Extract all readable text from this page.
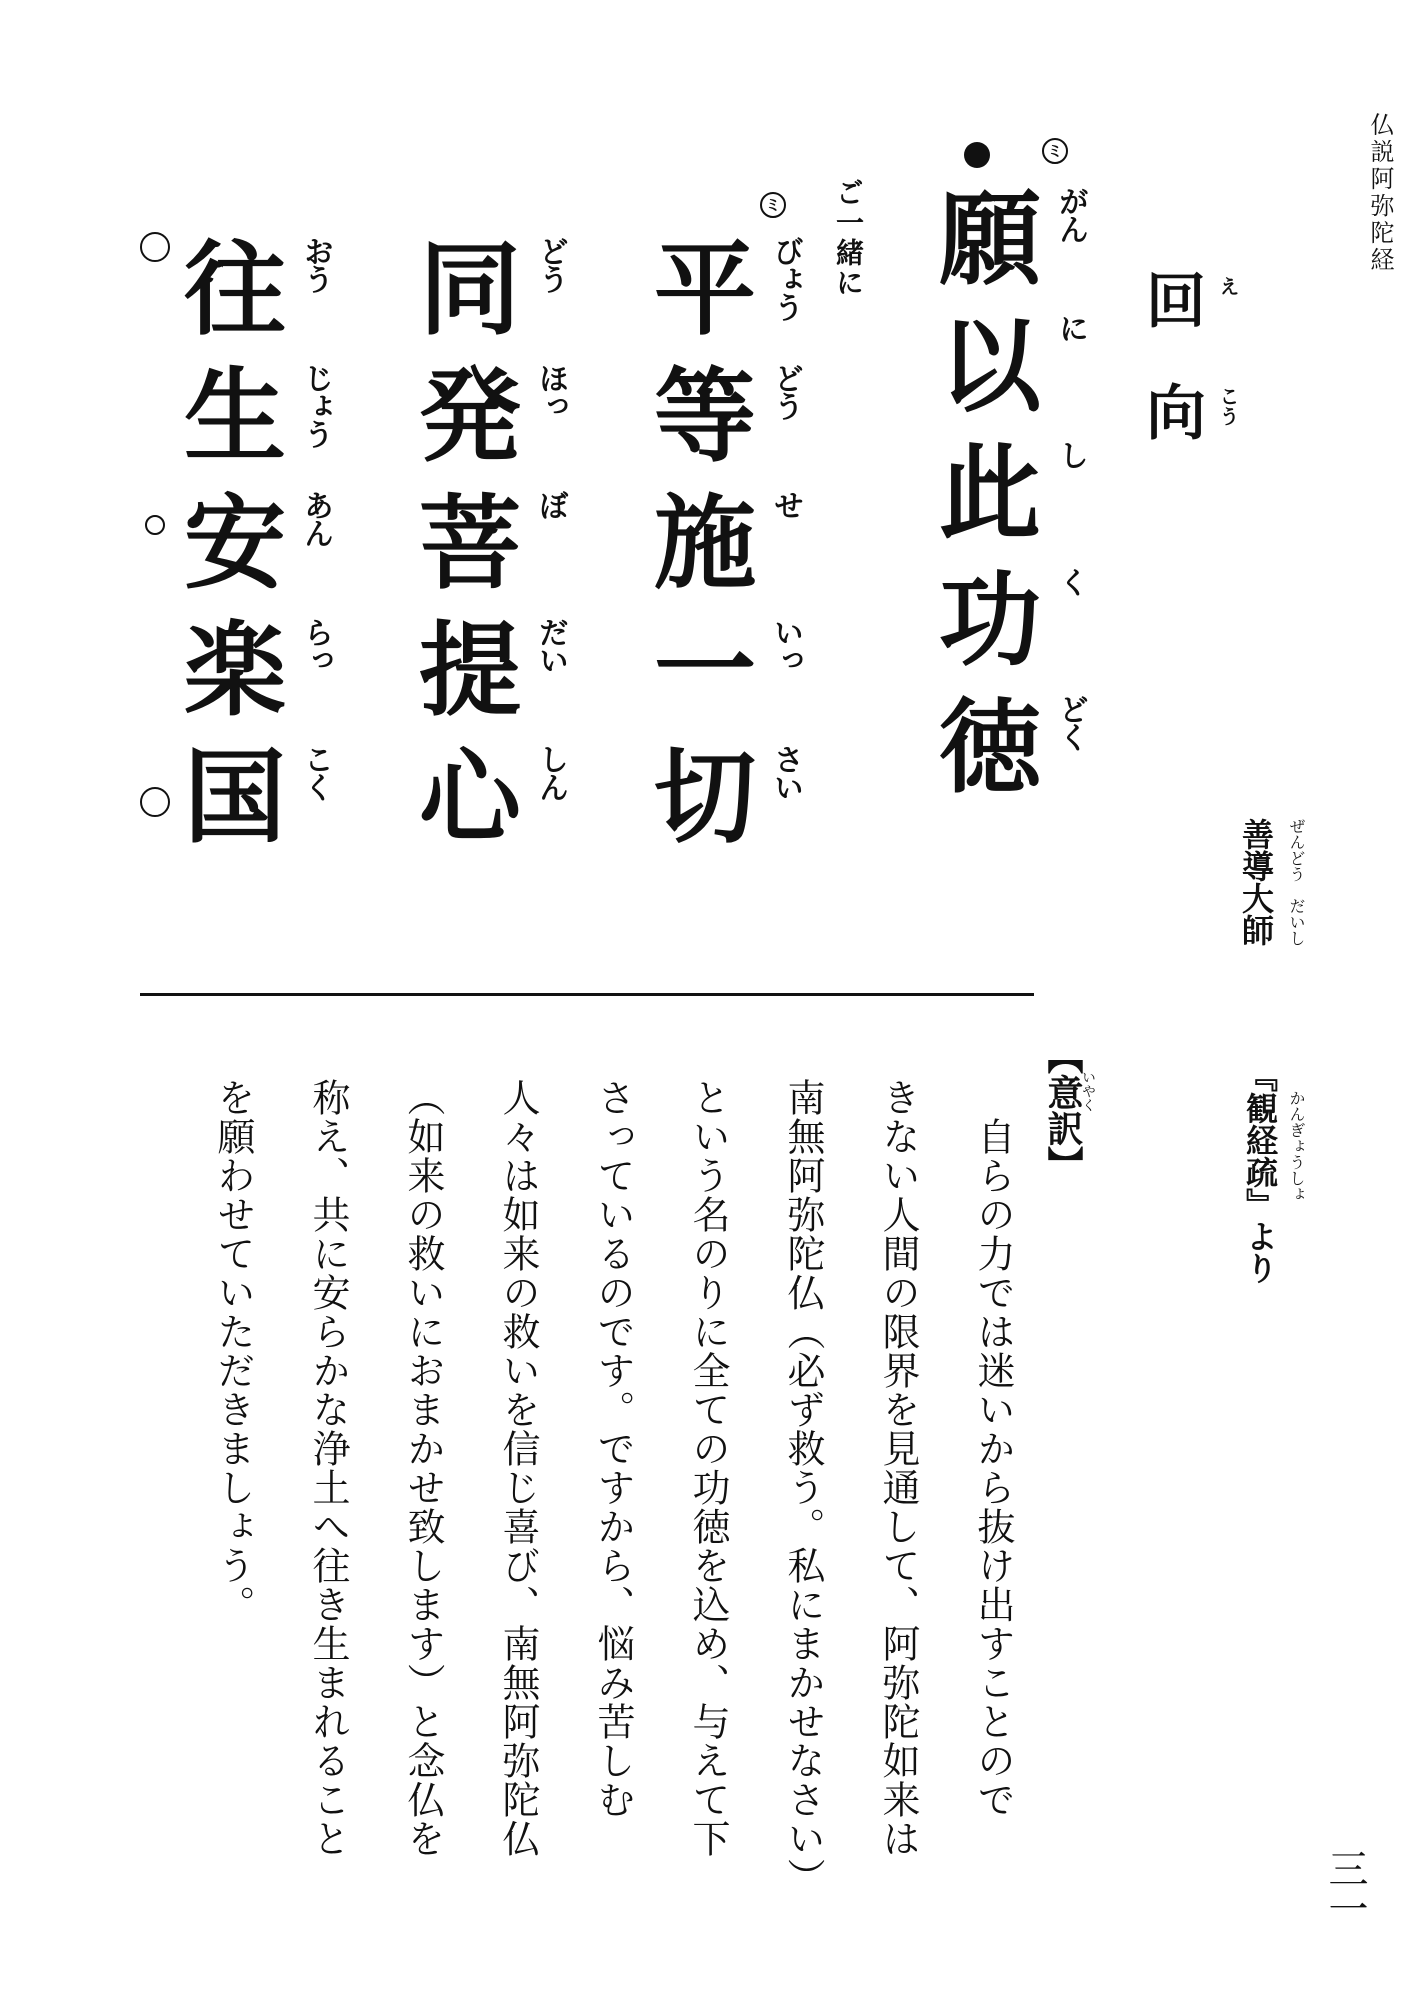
仏説阿弥陀経
回
向
え
こう
ミ
ミ ご一緒に 願 がん
以 に
此 し
功 く
徳 どく
平 びょう
等 どう
施 せ
一 いっ
切 さい
同 どう
発 ほっ
菩 ぼ
提 だい
心 しん
往 おう
生 じょう
安 あん
楽 らっ
国 こく
善導大師 ぜんどう　だいし
『観経疏』より かんぎょうしょ
【意訳】
いやく
　自らの力では迷いから抜け出すことので
きない人間の限界を見通して、阿弥陀如来は
南無阿弥陀仏（必ず救う。私にまかせなさい）
という名のりに全ての功徳を込め、与えて下
さっているのです。ですから、悩み苦しむ
人々は如来の救いを信じ喜び、南無阿弥陀仏
（如来の救いにおまかせ致します）と念仏を
称え、共に安らかな浄土へ往き生まれること
を願わせていただきましょう。
三一
